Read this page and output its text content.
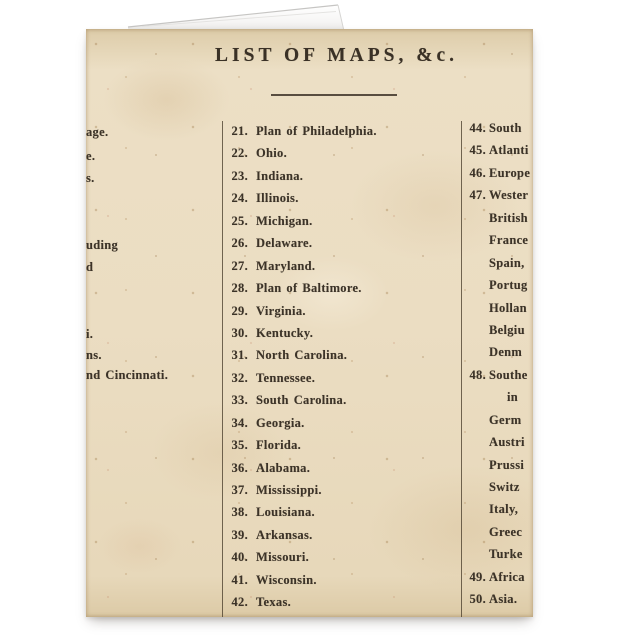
LIST OF MAPS, &c.
age.
e.
s.
uding
d
i.
ns.
nd Cincinnati.
21. Plan of Philadelphia.
22. Ohio.
23. Indiana.
24. Illinois.
25. Michigan.
26. Delaware.
27. Maryland.
28. Plan of Baltimore.
29. Virginia.
30. Kentucky.
31. North Carolina.
32. Tennessee.
33. South Carolina.
34. Georgia.
35. Florida.
36. Alabama.
37. Mississippi.
38. Louisiana.
39. Arkansas.
40. Missouri.
41. Wisconsin.
42. Texas.
44. South
45. Atlanti
46. Europe
47. Wester
British
France
Spain,
Portug
Hollan
Belgiu
Denm
48. Southe
in
Germ
Austri
Prussi
Switz
Italy,
Greec
Turke
49. Africa
50. Asia.
